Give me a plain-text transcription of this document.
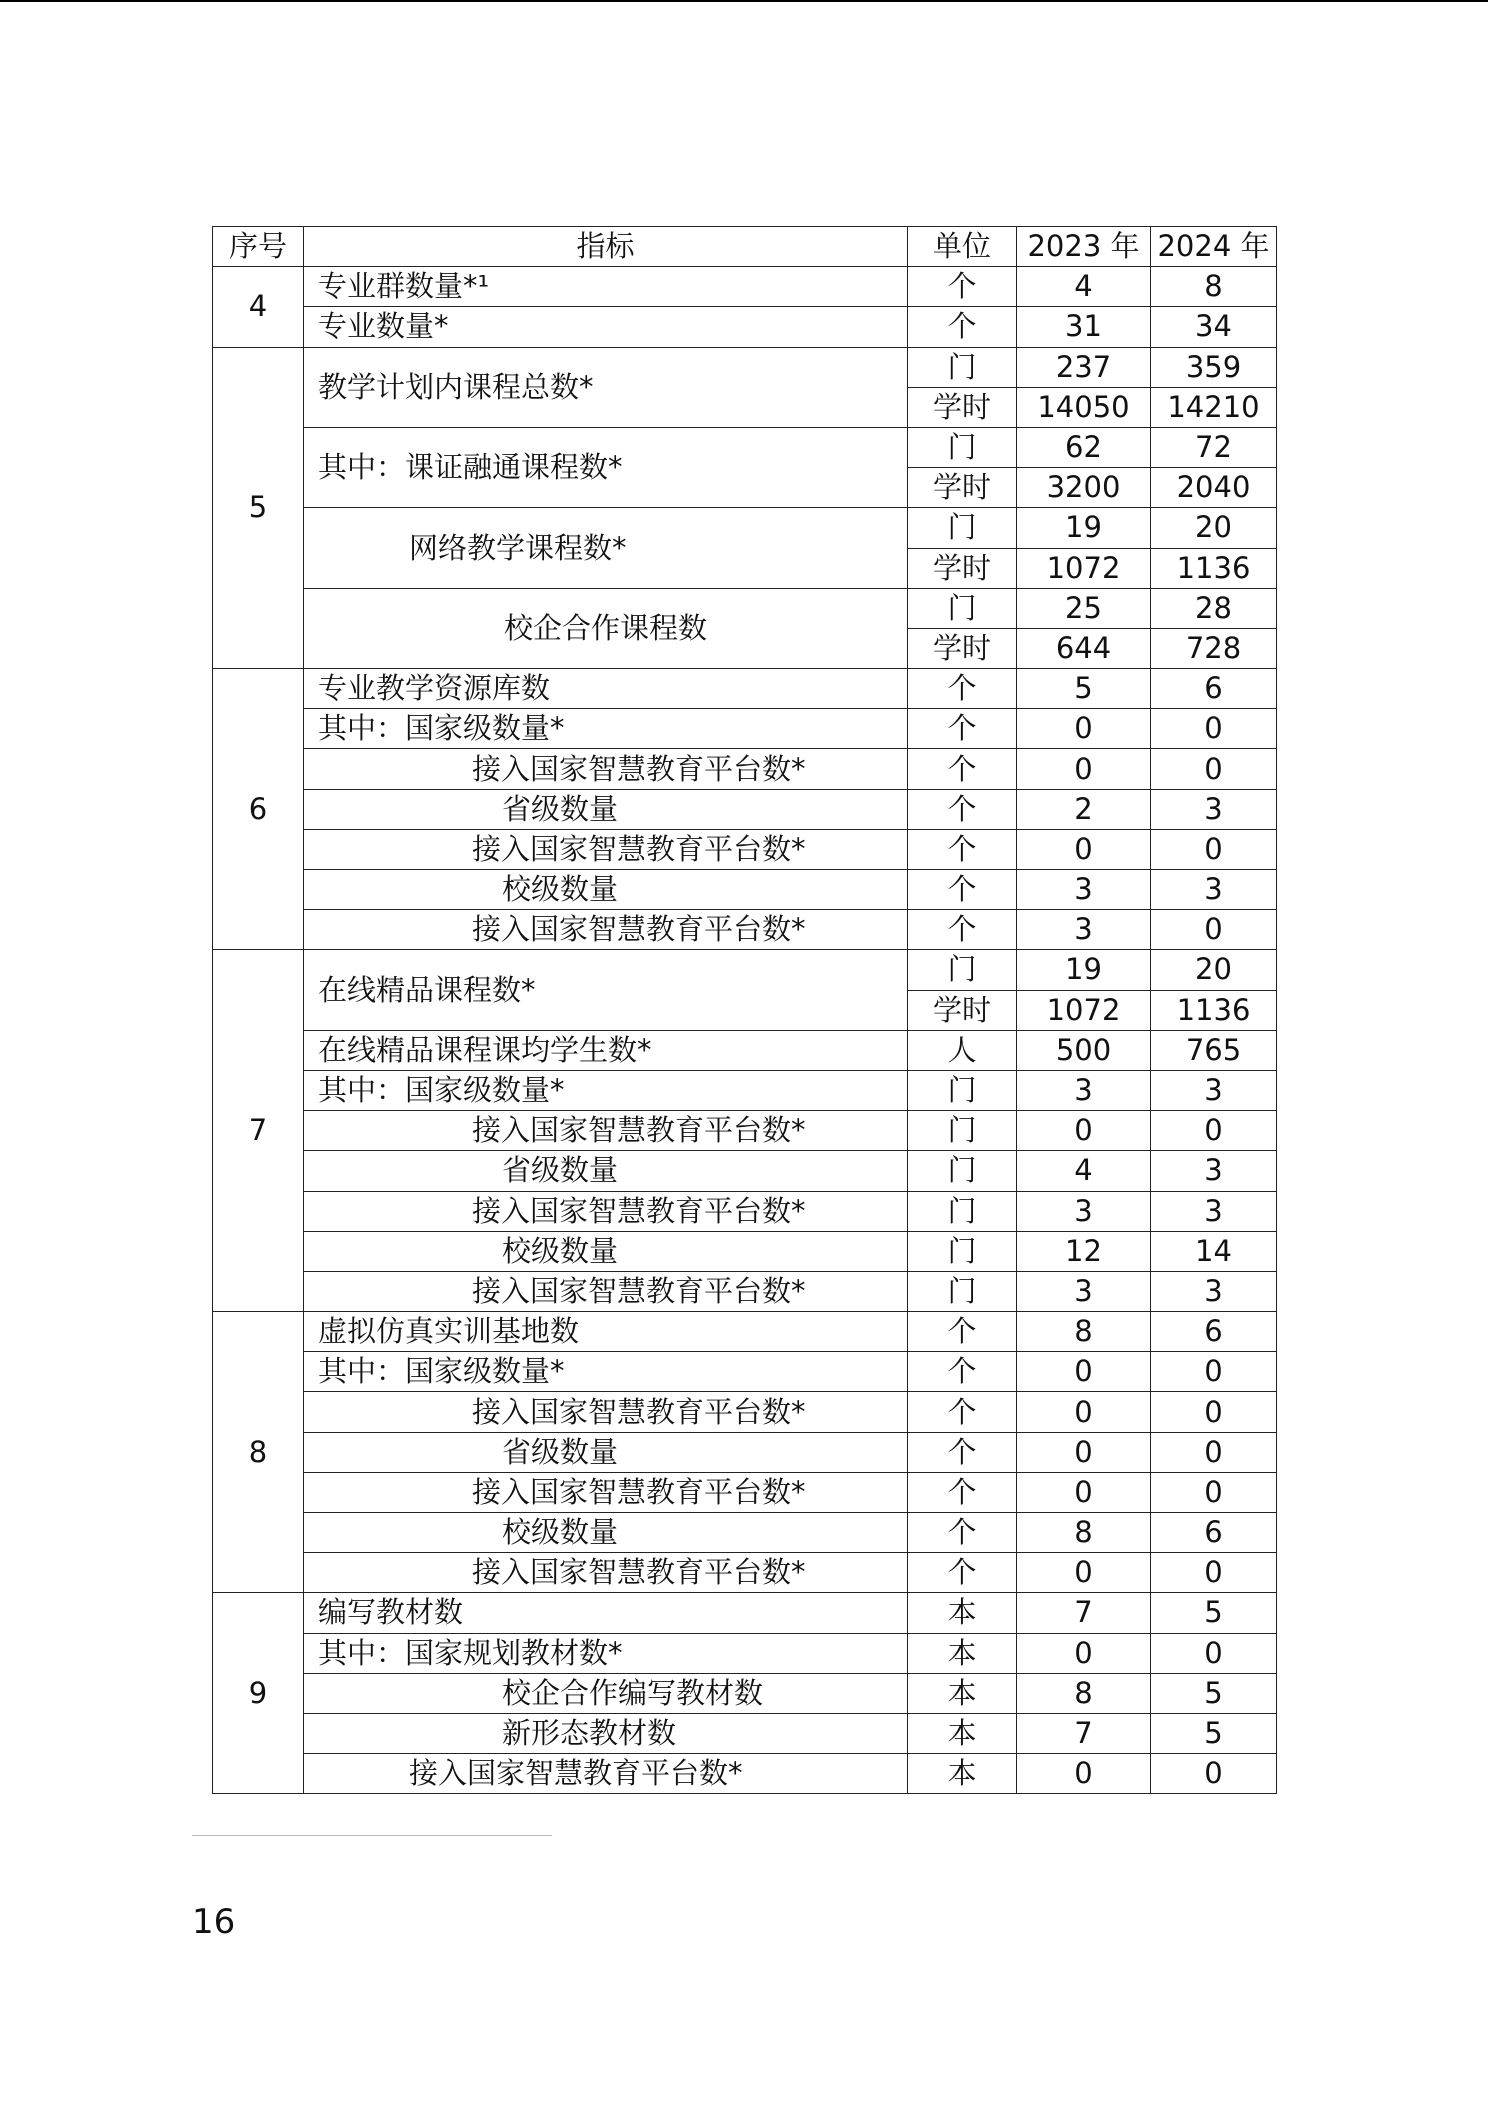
序号	指标	单位	2023 年	2024 年
4	专业群数量*¹	个	4	8
	专业数量*	个	31	34
5	教学计划内课程总数*	门	237	359
		学时	14050	14210
	其中：课证融通课程数*	门	62	72
		学时	3200	2040
	网络教学课程数*	门	19	20
		学时	1072	1136
	校企合作课程数	门	25	28
		学时	644	728
6	专业教学资源库数	个	5	6
	其中：国家级数量*	个	0	0
	接入国家智慧教育平台数*	个	0	0
	省级数量	个	2	3
	接入国家智慧教育平台数*	个	0	0
	校级数量	个	3	3
	接入国家智慧教育平台数*	个	3	0
7	在线精品课程数*	门	19	20
		学时	1072	1136
	在线精品课程课均学生数*	人	500	765
	其中：国家级数量*	门	3	3
	接入国家智慧教育平台数*	门	0	0
	省级数量	门	4	3
	接入国家智慧教育平台数*	门	3	3
	校级数量	门	12	14
	接入国家智慧教育平台数*	门	3	3
8	虚拟仿真实训基地数	个	8	6
	其中：国家级数量*	个	0	0
	接入国家智慧教育平台数*	个	0	0
	省级数量	个	0	0
	接入国家智慧教育平台数*	个	0	0
	校级数量	个	8	6
	接入国家智慧教育平台数*	个	0	0
9	编写教材数	本	7	5
	其中：国家规划教材数*	本	0	0
	校企合作编写教材数	本	8	5
	新形态教材数	本	7	5
	接入国家智慧教育平台数*	本	0	0
16
